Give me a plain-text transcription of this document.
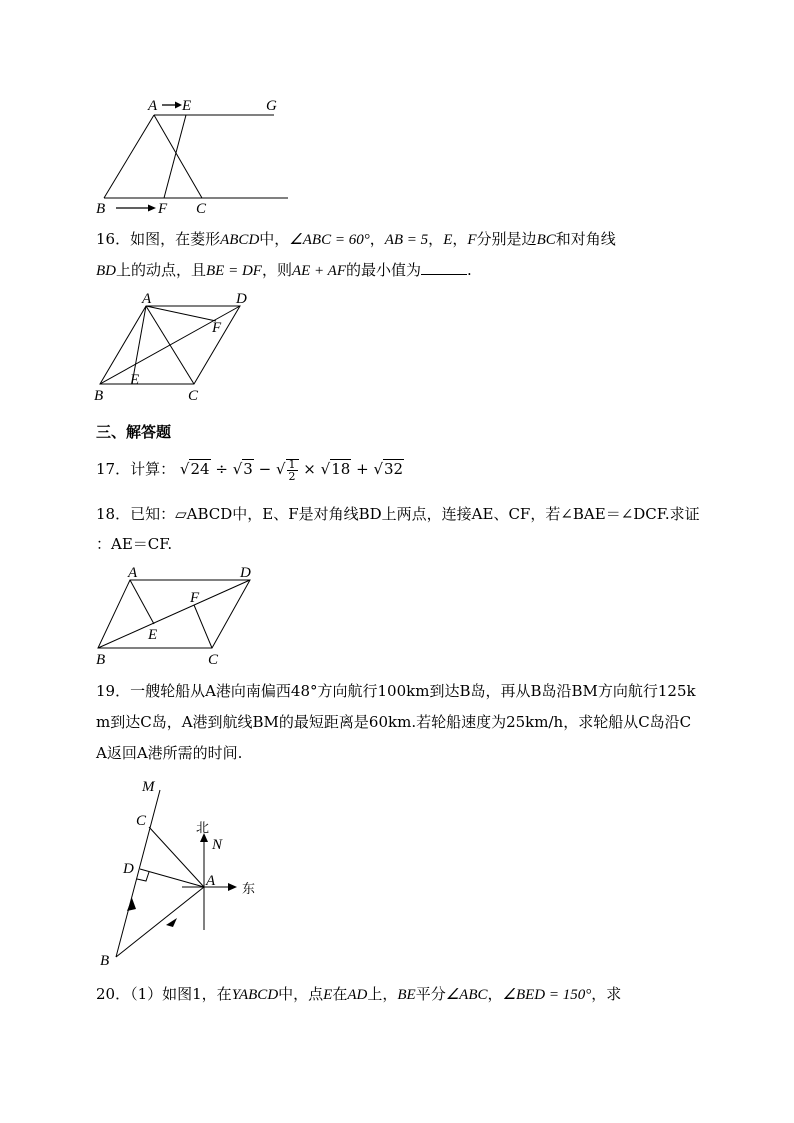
A E	G
B	F C
16．如图，在菱形ABCD中，∠ABC = 60°，AB = 5，E，F分别是边BC和对角线
BD上的动点，且BE = DF，则AE + AF的最小值为	.
A	D
F
B
E
C
三、解答题
17．计算： √24 ÷ √3 − √ $\frac{1}{2} \times √18 + √32$
18．已知：▱ABCD中，E、F是对角线BD上两点，连接AE、CF，若∠BAE＝∠DCF.求证
：AE＝CF.
A	D
F
E
B	C
19．一艘轮船从A港向南偏西48°方向航行100km到达B岛，再从B岛沿BM方向航行125k
m到达C岛，A港到航线BM的最短距离是60km.若轮船速度为25km/h，求轮船从C岛沿C
A返回A港所需的时间.
M
C
D
A
B
N
北
东
20．（1）如图1，在YABCD中，点E在AD上，BE平分∠ABC，∠BED = 150°，求
